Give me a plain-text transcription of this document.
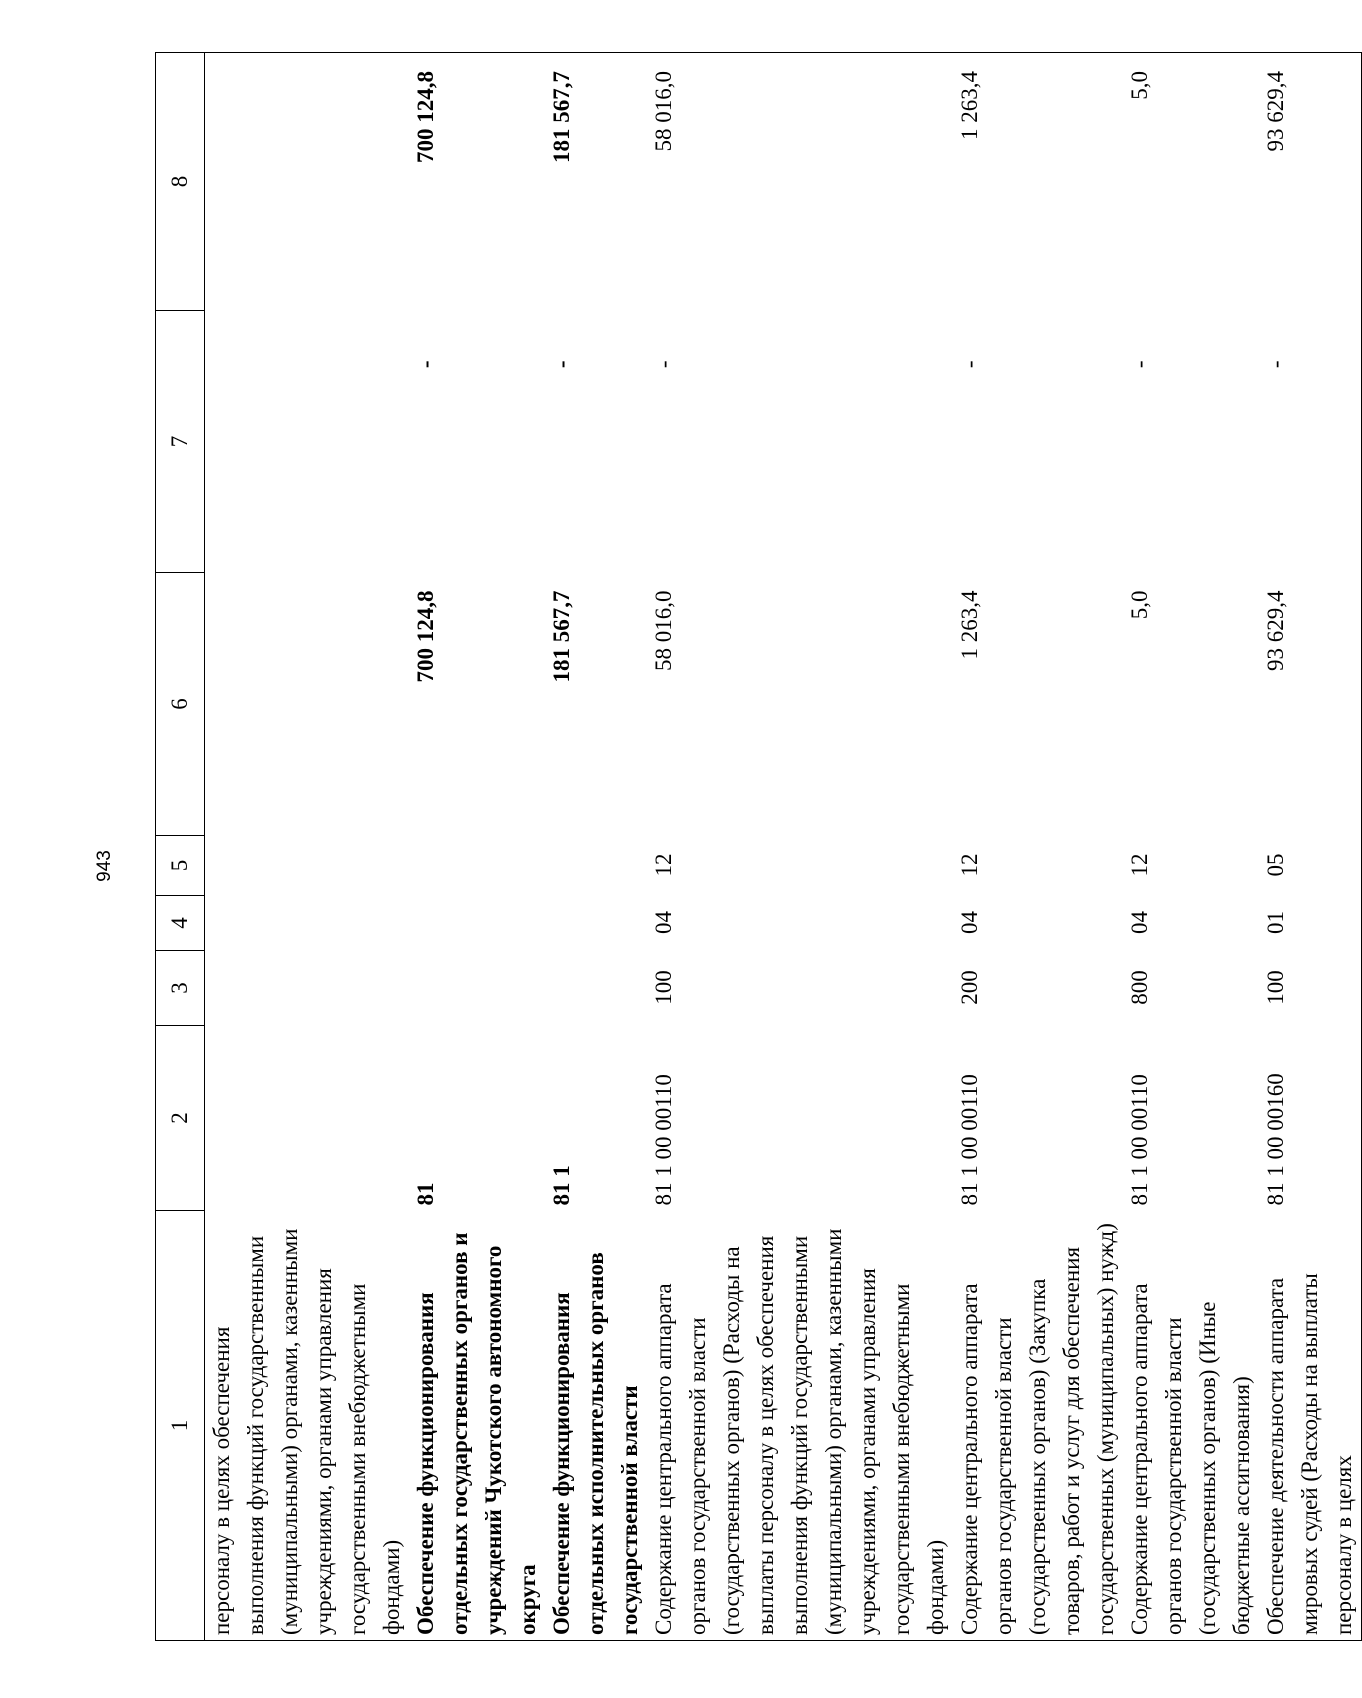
943
1	2	3	4	5	6	7	8
персоналу в целях обеспечения выполнения функций государственными (муниципальными) органами, казенными учреждениями, органами управления государственными внебюджетными фондами)							
Обеспечение функционирования отдельных государственных органов и учреждений Чукотского автономного округа	81				700 124,8	-	700 124,8
Обеспечение функционирования отдельных исполнительных органов государственной власти	81 1				181 567,7	-	181 567,7
Содержание центрального аппарата органов государственной власти (государственных органов) (Расходы на выплаты персоналу в целях обеспечения выполнения функций государственными (муниципальными) органами, казенными учреждениями, органами управления государственными внебюджетными фондами)	81 1 00 00110	100	04	12	58 016,0	-	58 016,0
Содержание центрального аппарата органов государственной власти (государственных органов) (Закупка товаров, работ и услуг для обеспечения государственных (муниципальных) нужд)	81 1 00 00110	200	04	12	1 263,4	-	1 263,4
Содержание центрального аппарата органов государственной власти (государственных органов) (Иные бюджетные ассигнования)	81 1 00 00110	800	04	12	5,0	-	5,0
Обеспечение деятельности аппарата мировых судей (Расходы на выплаты персоналу в целях	81 1 00 00160	100	01	05	93 629,4	-	93 629,4
